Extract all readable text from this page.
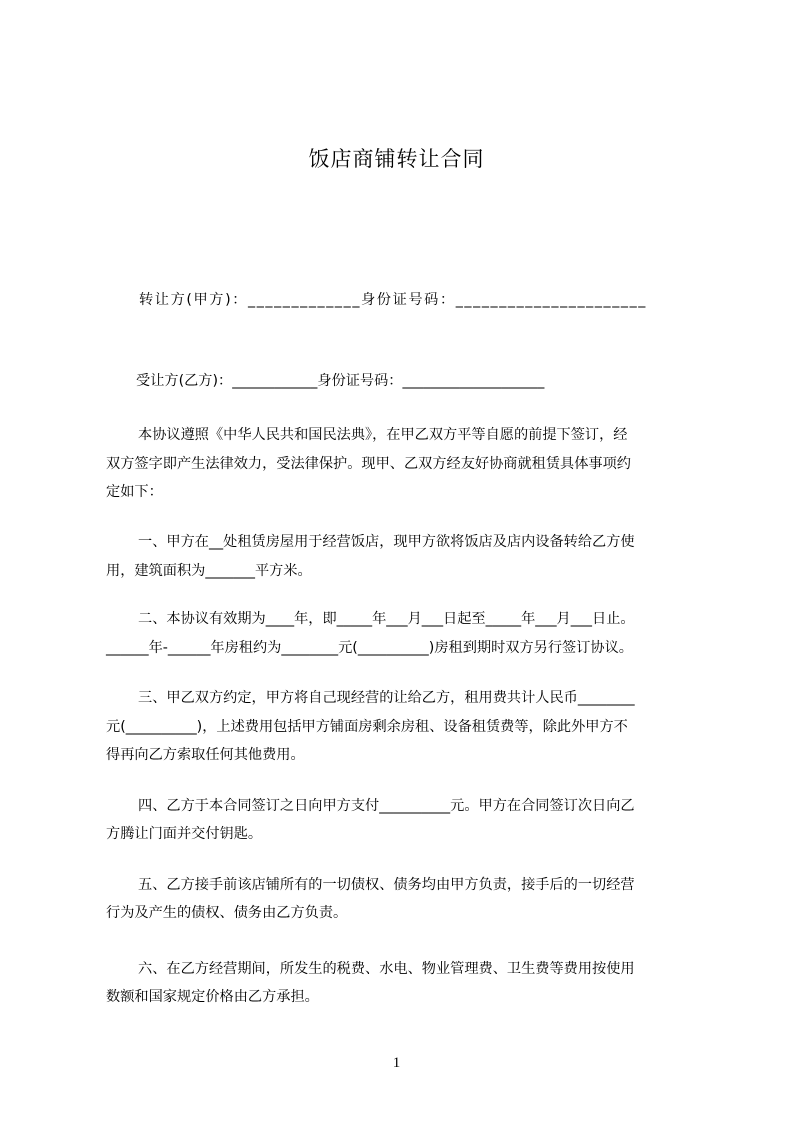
饭店商铺转让合同
转让方(甲方)：_____________身份证号码：______________________
受让方(乙方)：____________身份证号码：____________________
本协议遵照《中华人民共和国民法典》，在甲乙双方平等自愿的前提下签订，经
双方签字即产生法律效力，受法律保护。现甲、乙双方经友好协商就租赁具体事项约
定如下：
一、甲方在__处租赁房屋用于经营饭店，现甲方欲将饭店及店内设备转给乙方使
用，建筑面积为_______平方米。
二、本协议有效期为____年，即_____年___月___日起至_____年___月___日止。
______年-______年房租约为________元(__________)房租到期时双方另行签订协议。
三、甲乙双方约定，甲方将自己现经营的让给乙方，租用费共计人民币________
元(__________)，上述费用包括甲方铺面房剩余房租、设备租赁费等，除此外甲方不
得再向乙方索取任何其他费用。
四、乙方于本合同签订之日向甲方支付__________元。甲方在合同签订次日向乙
方腾让门面并交付钥匙。
五、乙方接手前该店铺所有的一切债权、债务均由甲方负责，接手后的一切经营
行为及产生的债权、债务由乙方负责。
六、在乙方经营期间，所发生的税费、水电、物业管理费、卫生费等费用按使用
数额和国家规定价格由乙方承担。
1
